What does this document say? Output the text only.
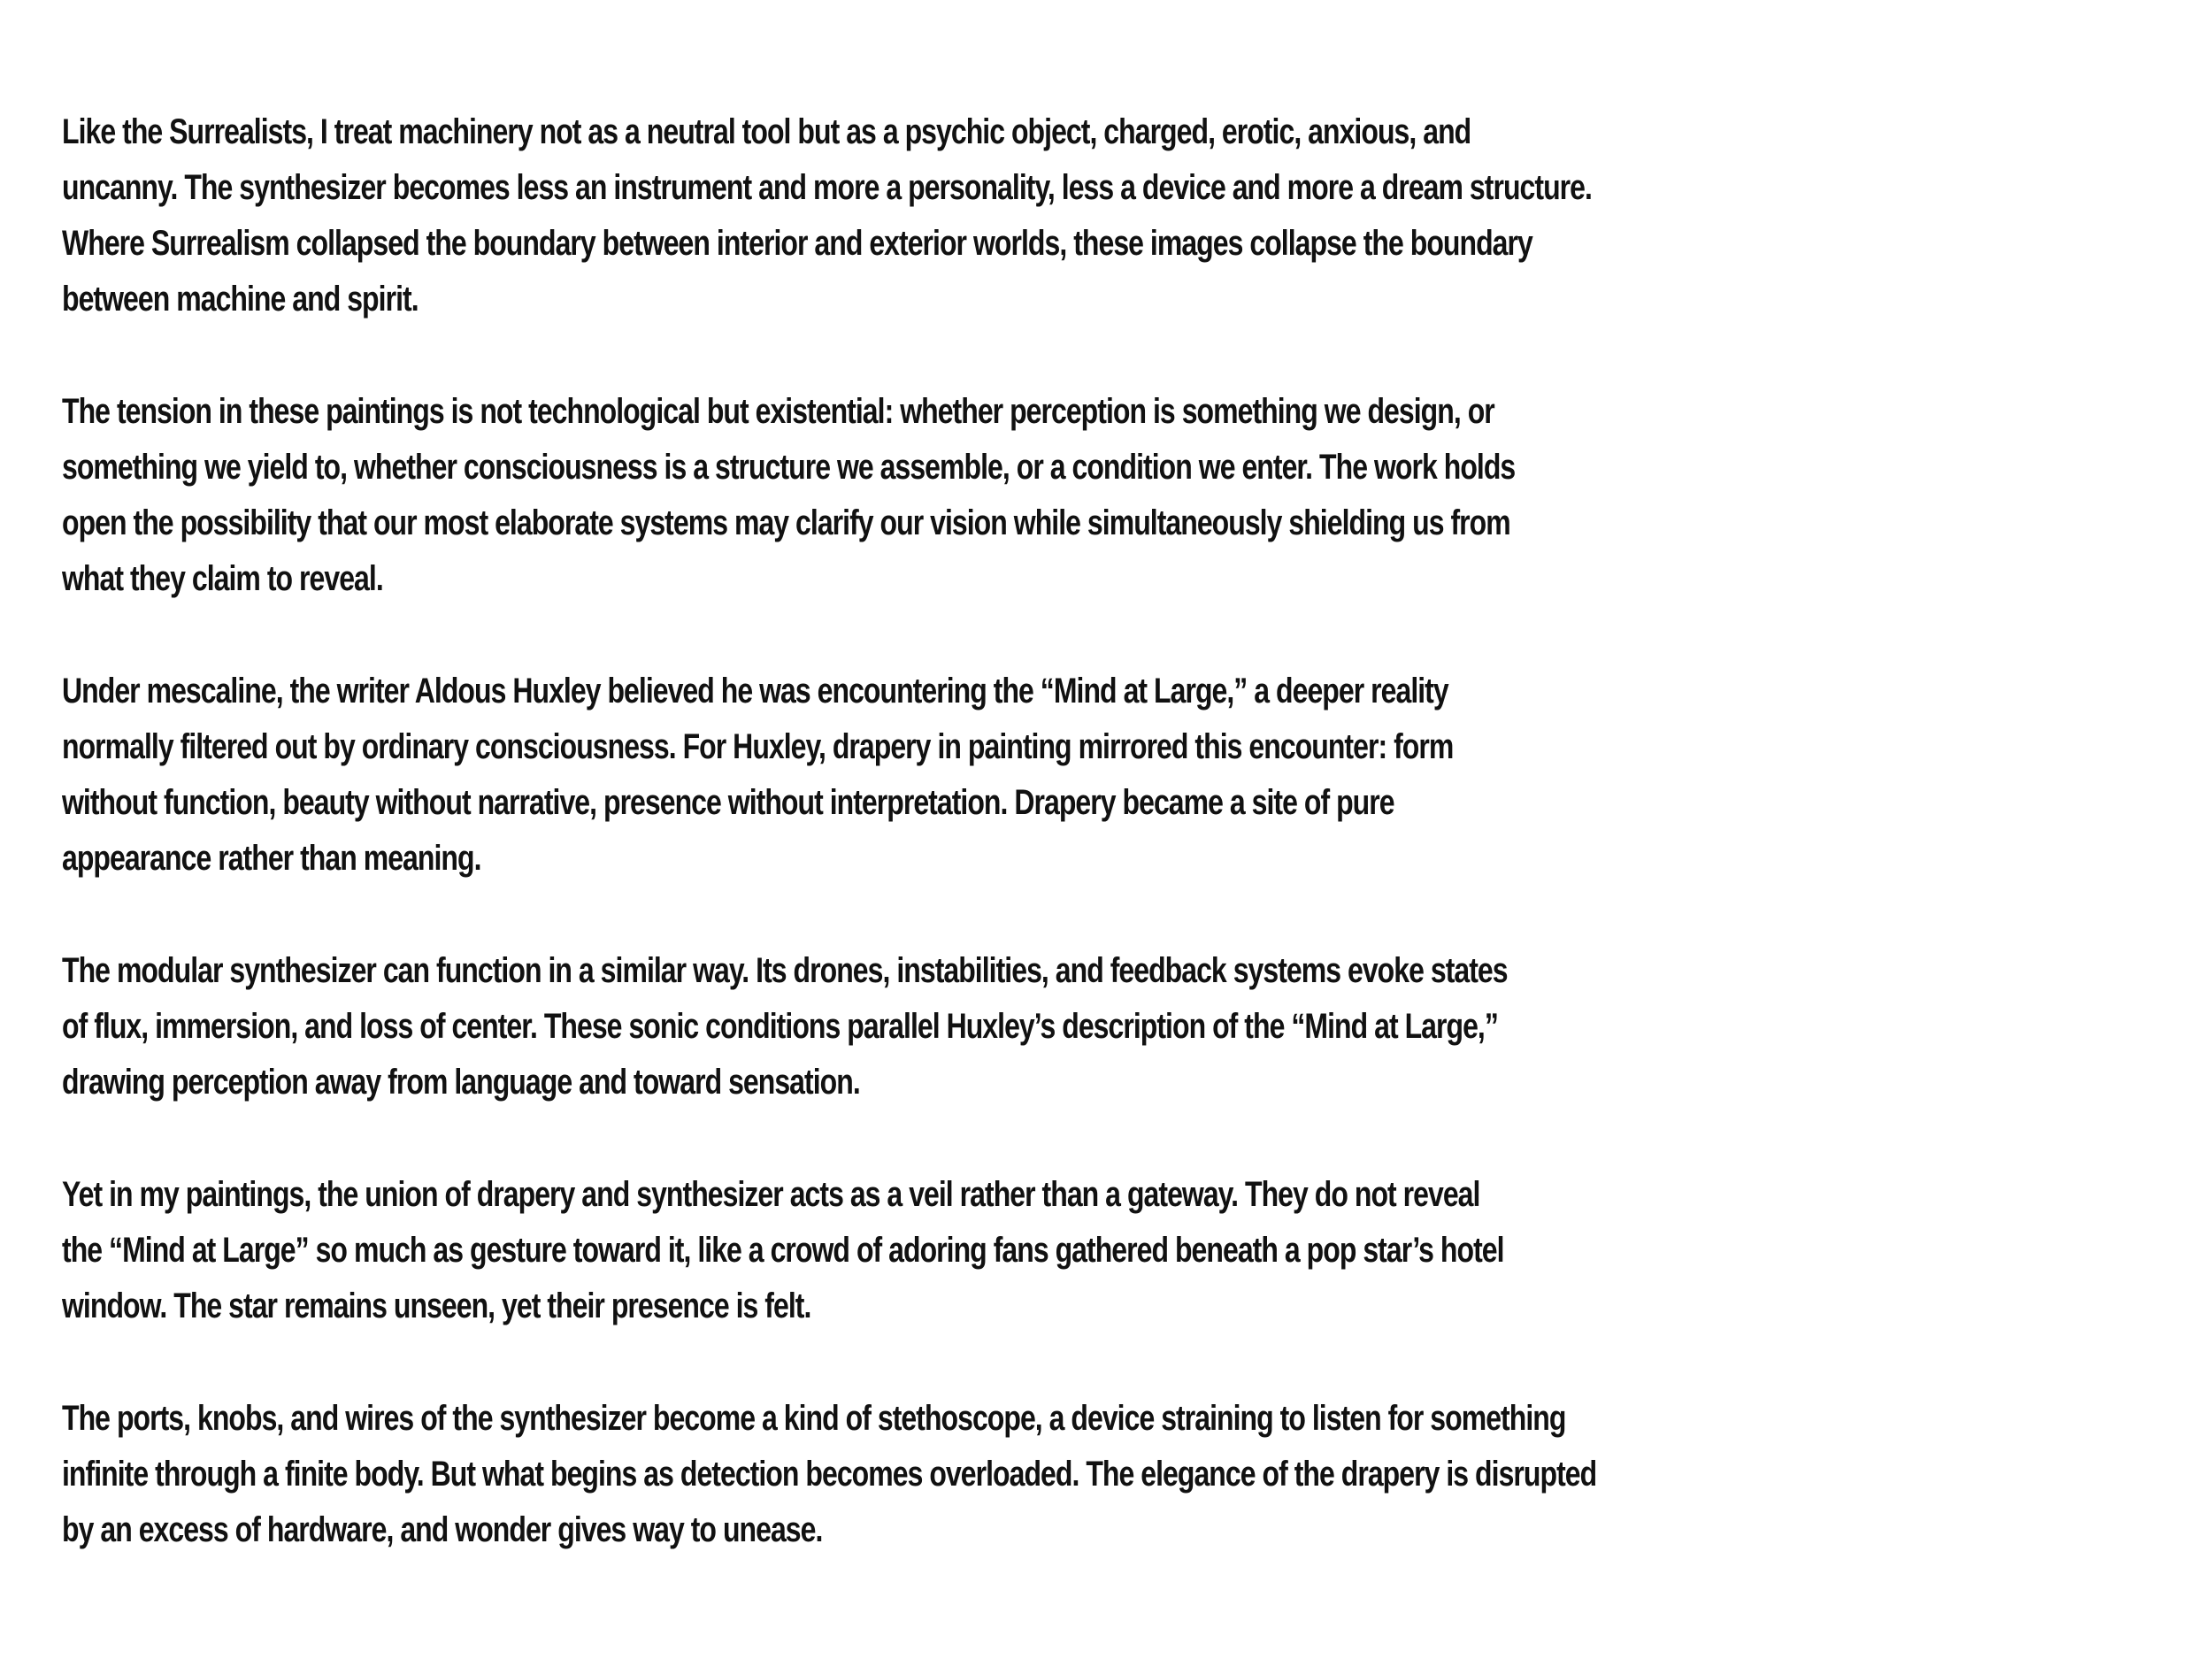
Like the Surrealists, I treat machinery not as a neutral tool but as a psychic object, charged, erotic, anxious, and
uncanny. The synthesizer becomes less an instrument and more a personality, less a device and more a dream structure.
Where Surrealism collapsed the boundary between interior and exterior worlds, these images collapse the boundary
between machine and spirit.
The tension in these paintings is not technological but existential: whether perception is something we design, or
something we yield to, whether consciousness is a structure we assemble, or a condition we enter. The work holds
open the possibility that our most elaborate systems may clarify our vision while simultaneously shielding us from
what they claim to reveal.
Under mescaline, the writer Aldous Huxley believed he was encountering the “Mind at Large,” a deeper reality
normally filtered out by ordinary consciousness. For Huxley, drapery in painting mirrored this encounter: form
without function, beauty without narrative, presence without interpretation. Drapery became a site of pure
appearance rather than meaning.
The modular synthesizer can function in a similar way. Its drones, instabilities, and feedback systems evoke states
of flux, immersion, and loss of center. These sonic conditions parallel Huxley’s description of the “Mind at Large,”
drawing perception away from language and toward sensation.
Yet in my paintings, the union of drapery and synthesizer acts as a veil rather than a gateway. They do not reveal
the “Mind at Large” so much as gesture toward it, like a crowd of adoring fans gathered beneath a pop star’s hotel
window. The star remains unseen, yet their presence is felt.
The ports, knobs, and wires of the synthesizer become a kind of stethoscope, a device straining to listen for something
infinite through a finite body. But what begins as detection becomes overloaded. The elegance of the drapery is disrupted
by an excess of hardware, and wonder gives way to unease.
